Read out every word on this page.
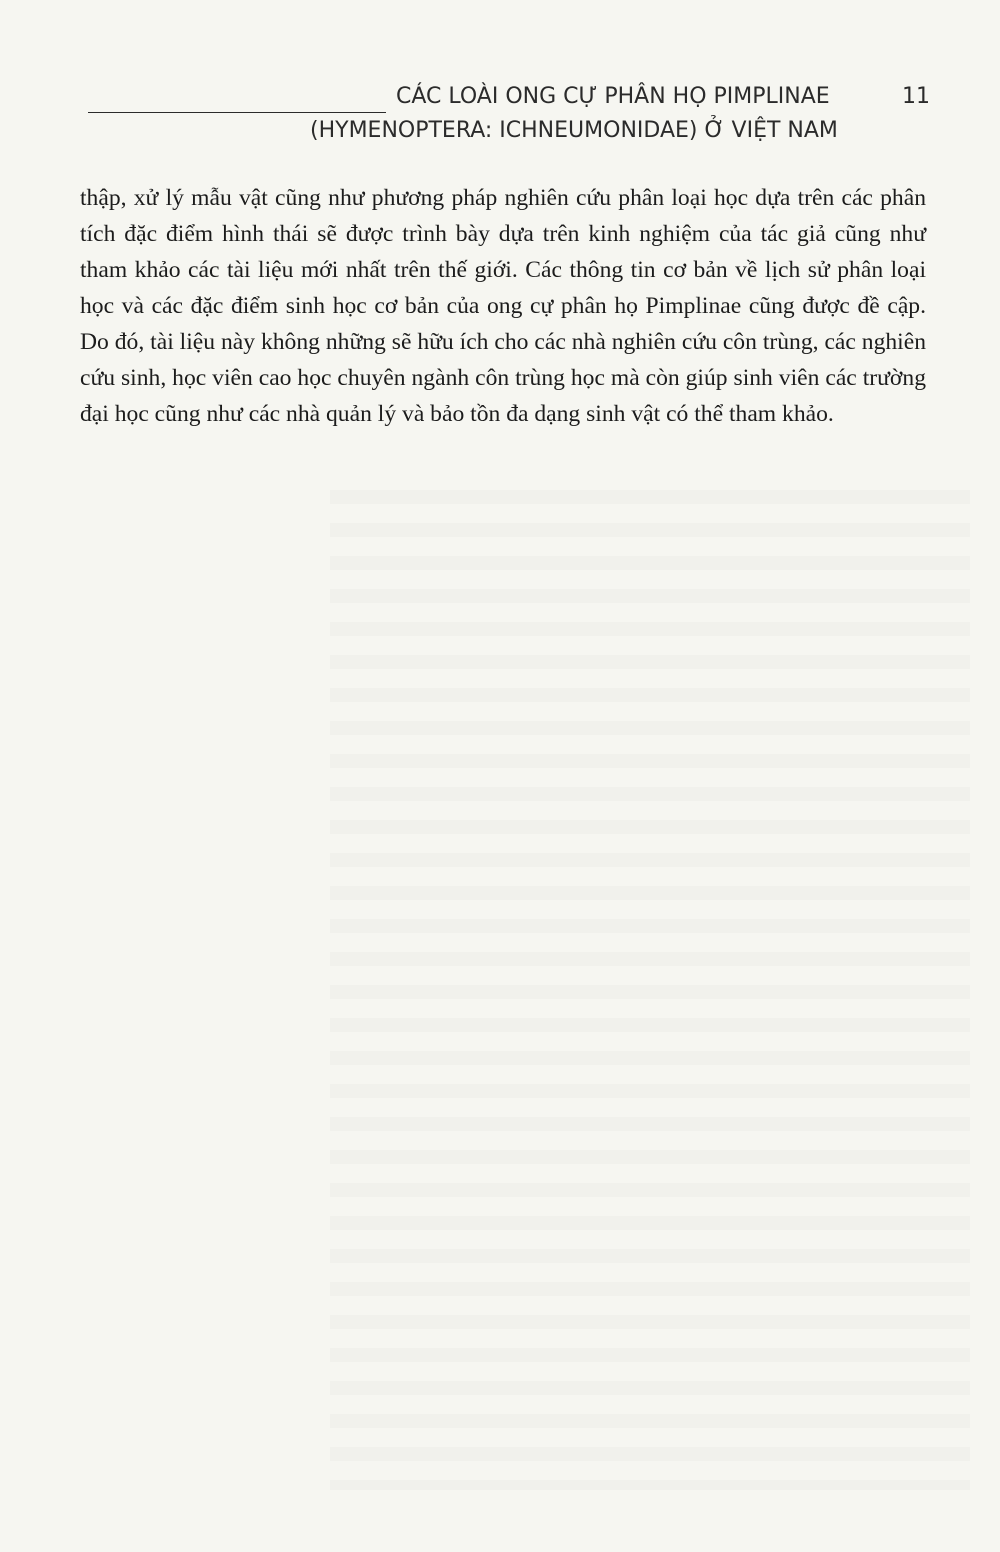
CÁC LOÀI ONG CỰ PHÂN HỌ PIMPLINAE	11
(HYMENOPTERA: ICHNEUMONIDAE) Ở VIỆT NAM

thập, xử lý mẫu vật cũng như phương pháp nghiên cứu phân loại học dựa trên các phân tích đặc điểm hình thái sẽ được trình bày dựa trên kinh nghiệm của tác giả cũng như tham khảo các tài liệu mới nhất trên thế giới. Các thông tin cơ bản về lịch sử phân loại học và các đặc điểm sinh học cơ bản của ong cự phân họ Pimplinae cũng được đề cập. Do đó, tài liệu này không những sẽ hữu ích cho các nhà nghiên cứu côn trùng, các nghiên cứu sinh, học viên cao học chuyên ngành côn trùng học mà còn giúp sinh viên các trường đại học cũng như các nhà quản lý và bảo tồn đa dạng sinh vật có thể tham khảo.
